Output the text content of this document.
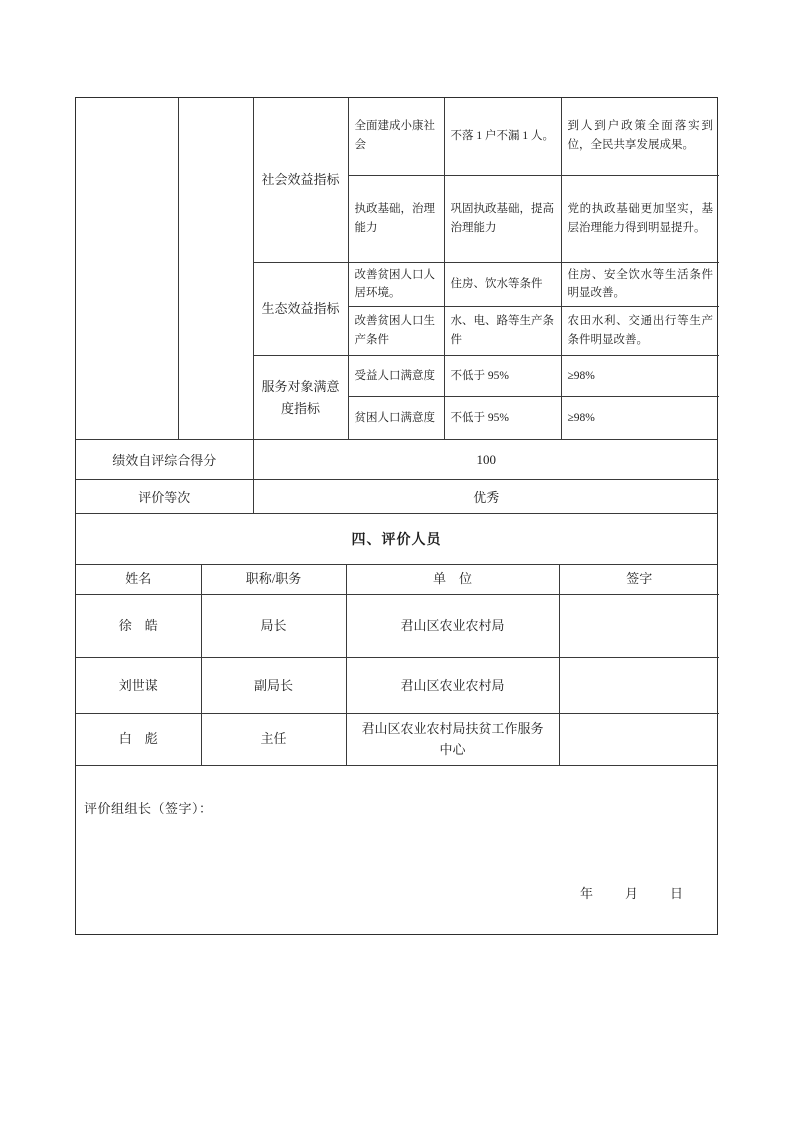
		社会效益指标	全面建成小康社会	不落 1 户不漏 1 人。	到人到户政策全面落实到位，全民共享发展成果。
			执政基础，治理能力	巩固执政基础，提高治理能力	党的执政基础更加坚实，基层治理能力得到明显提升。
		生态效益指标	改善贫困人口人居环境。	住房、饮水等条件	住房、安全饮水等生活条件明显改善。
			改善贫困人口生产条件	水、电、路等生产条件	农田水利、交通出行等生产条件明显改善。
		服务对象满意度指标	受益人口满意度	不低于 95%	≥98%
			贫困人口满意度	不低于 95%	≥98%
绩效自评综合得分	100
评价等次	优秀
四、评价人员
姓名	职称/职务	单　位	签字
徐　皓	局长	君山区农业农村局	
刘世谋	副局长	君山区农业农村局	
白　彪	主任	君山区农业农村局扶贫工作服务中心	
评价组组长（签字）：
年　　月　　日
